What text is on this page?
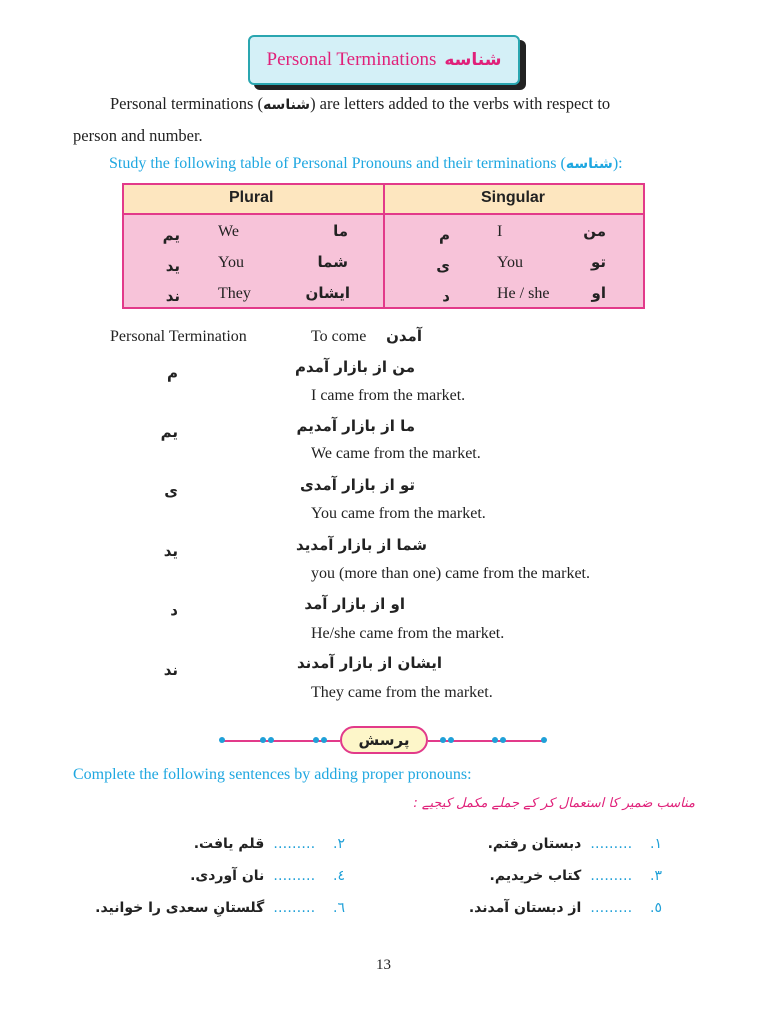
Personal Terminations شناسه
Personal terminations (شناسه) are letters added to the verbs with respect to
person and number.
Study the following table of Personal Pronouns and their terminations (شناسه):
Plural	Singular
یم We	ما
ید You	شما
ند They	ایشان
م	I	من
ی	You	تو
د	He / she	او
Personal Termination	To come	آمدن
م	من از بازار آمدم
I came from the market.
یم	ما از بازار آمدیم
We came from the market.
ی	تو از بازار آمدی
You came from the market.
ید	شما از بازار آمدید
you (more than one) came from the market.
د	او از بازار آمد
He/she came from the market.
ند	ایشان از بازار آمدند
They came from the market.
پرسش
Complete the following sentences by adding proper pronouns:
مناسب ضمیر کا استعمال کر کے جملے مکمل کیجیے :
۱.    ………  دبستان رفتم.
۳.    ………  کتاب خریدیم.
٥.    ………  از دبستان آمدند.
۲.    ………  قلم یافت.
٤.    ………  نان آوردی.
٦.    ………  گلستانِ سعدی را خوانید.
13
